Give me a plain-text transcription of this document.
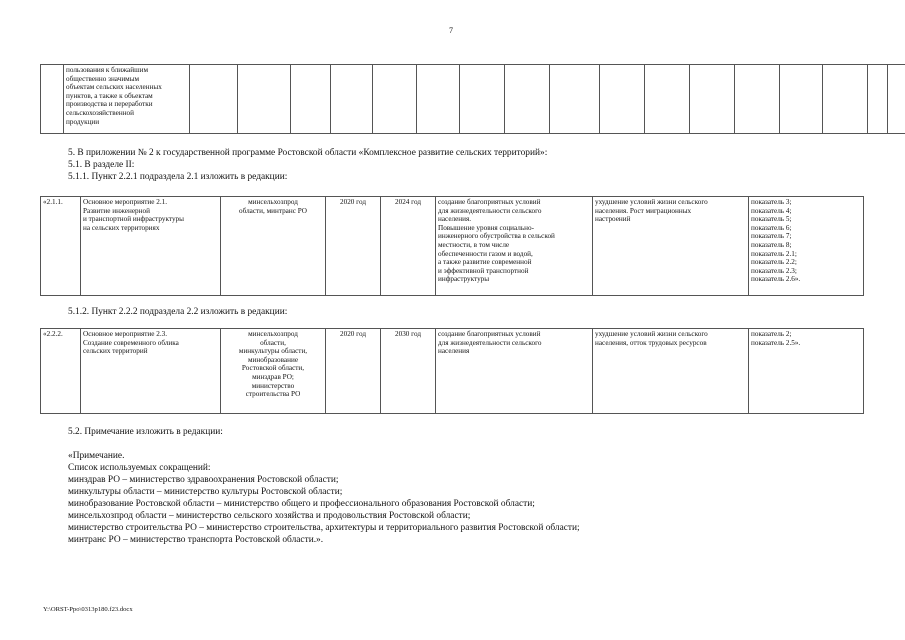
7

пользования к ближайшим
общественно значимым
объектам сельских населенных
пунктов, а также к объектам
производства и переработки
сельскохозяйственной
продукции

5. В приложении № 2 к государственной программе Ростовской области «Комплексное развитие сельских территорий»:
5.1. В разделе II:
5.1.1. Пункт 2.2.1 подраздела 2.1 изложить в редакции:
«2.1.1.	Основное мероприятие 2.1.
Развитие инженерной
и транспортной инфраструктуры
на сельских территориях

минсельхозпрод
области, минтранс РО
	2020 год	2024 год	создание благоприятных условий
для жизнедеятельности сельского
населения.
Повышение уровня социально-
инженерного обустройства в сельской
местности, в том числе
обеспеченности газом и водой,
а также развитие современной
и эффективной транспортной
инфраструктуры

ухудшение условий жизни сельского
населения. Рост миграционных
настроений

показатель 3;
показатель 4;
показатель 5;
показатель 6;
показатель 7;
показатель 8;
показатель 2.1;
показатель 2.2;
показатель 2.3;
показатель 2.6».
5.1.2. Пункт 2.2.2 подраздела 2.2 изложить в редакции:
«2.2.2.	Основное мероприятие 2.3.
Создание современного облика
сельских территорий

минсельхозпрод
области,
минкультуры области,
минобразование
Ростовской области,
минздрав РО;
министерство
строительства РО
	2020 год	2030 год	создание благоприятных условий
для жизнедеятельности сельского
населения

ухудшение условий жизни сельского
населения, отток трудовых ресурсов

показатель 2;
показатель 2.5».
5.2. Примечание изложить в редакции:
«Примечание.
Список используемых сокращений:
минздрав РО – министерство здравоохранения Ростовской области;
минкультуры области – министерство культуры Ростовской области;
минобразование Ростовской области – министерство общего и профессионального образования Ростовской области;
минсельхозпрод области – министерство сельского хозяйства и продовольствия Ростовской области;
министерство строительства РО – министерство строительства, архитектуры и территориального развития Ростовской области;
минтранс РО – министерство транспорта Ростовской области.».
Y:\ORST-Ppo\0313p180.f23.docx
